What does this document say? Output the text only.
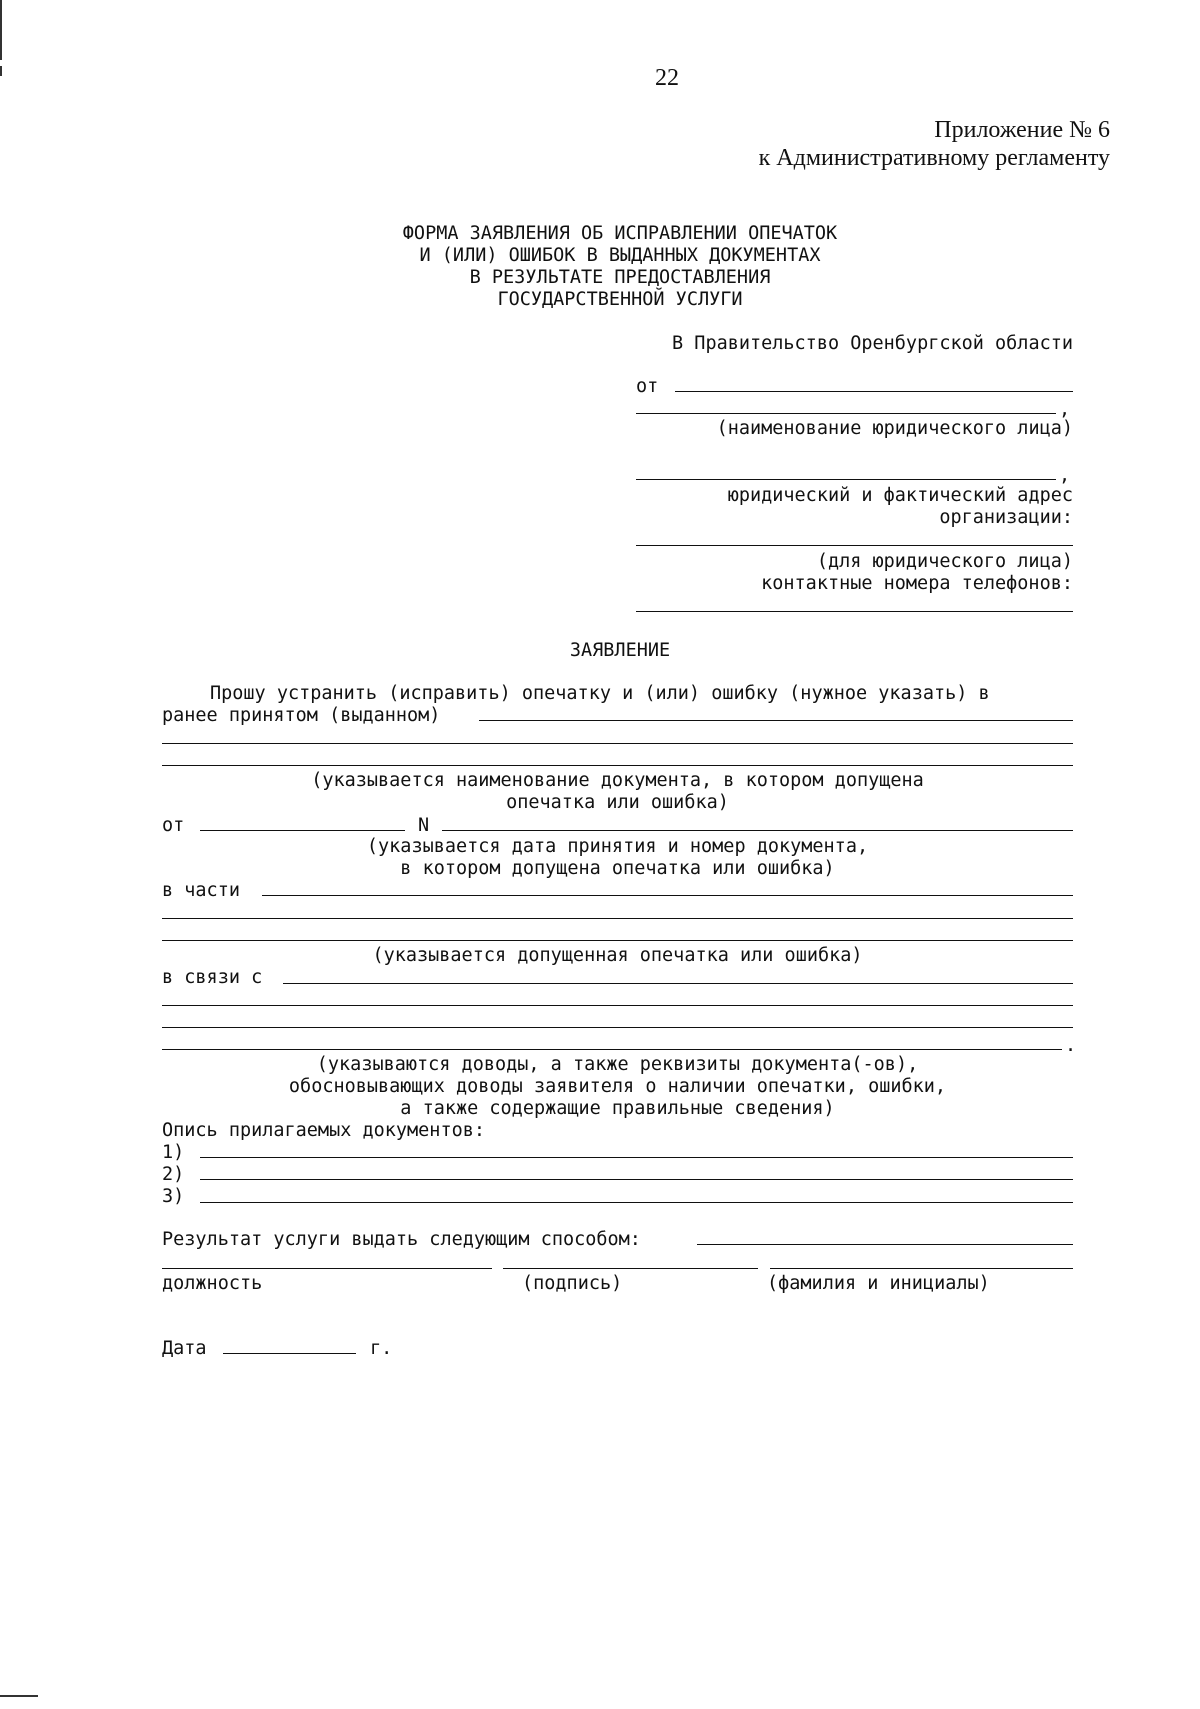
22
Приложение № 6
к Административному регламенту
ФОРМА ЗАЯВЛЕНИЯ ОБ ИСПРАВЛЕНИИ ОПЕЧАТОК
И (ИЛИ) ОШИБОК В ВЫДАННЫХ ДОКУМЕНТАХ
В РЕЗУЛЬТАТЕ ПРЕДОСТАВЛЕНИЯ
ГОСУДАРСТВЕННОЙ УСЛУГИ
В Правительство Оренбургской области
от
,
(наименование юридического лица)
,
юридический и фактический адрес
организации:
(для юридического лица)
контактные номера телефонов:
ЗАЯВЛЕНИЕ
Прошу устранить (исправить) опечатку и (или) ошибку (нужное указать) в
ранее принятом (выданном)
(указывается наименование документа, в котором допущена
опечатка или ошибка)
от	N
(указывается дата принятия и номер документа,
в котором допущена опечатка или ошибка)
в части
(указывается допущенная опечатка или ошибка)
в связи с
.
(указываются доводы, а также реквизиты документа(-ов),
обосновывающих доводы заявителя о наличии опечатки, ошибки,
а также содержащие правильные сведения)
Опись прилагаемых документов:
1)
2)
3)
Результат услуги выдать следующим способом:
должность	(подпись)	(фамилия и инициалы)
Дата	г.
